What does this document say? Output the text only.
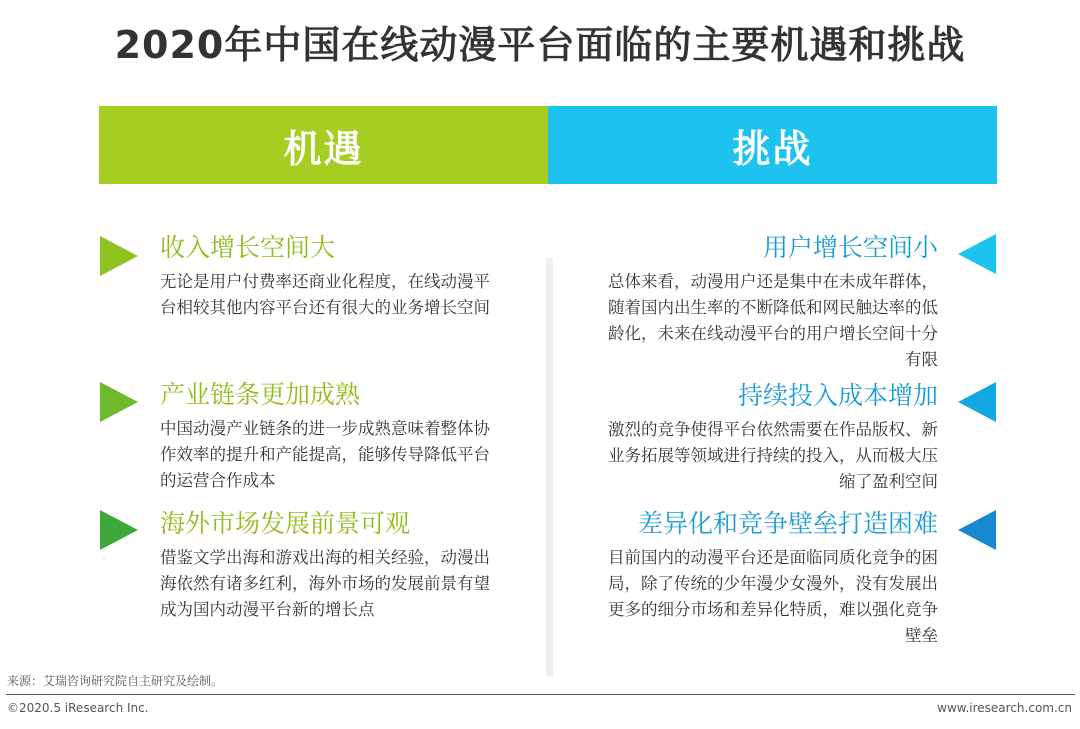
2020年中国在线动漫平台面临的主要机遇和挑战
机遇	挑战
收入增长空间大

无论是用户付费率还商业化程度，在线动漫平台相较其他内容平台还有很大的业务增长空间

产业链条更加成熟

中国动漫产业链条的进一步成熟意味着整体协作效率的提升和产能提高，能够传导降低平台的运营合作成本

海外市场发展前景可观

借鉴文学出海和游戏出海的相关经验，动漫出海依然有诸多红利，海外市场的发展前景有望成为国内动漫平台新的增长点

用户增长空间小

总体来看，动漫用户还是集中在未成年群体，随着国内出生率的不断降低和网民触达率的低龄化，未来在线动漫平台的用户增长空间十分有限

持续投入成本增加

激烈的竞争使得平台依然需要在作品版权、新业务拓展等领域进行持续的投入，从而极大压缩了盈利空间

差异化和竞争壁垒打造困难

目前国内的动漫平台还是面临同质化竞争的困局，除了传统的少年漫少女漫外，没有发展出更多的细分市场和差异化特质，难以强化竞争壁垒

来源：艾瑞咨询研究院自主研究及绘制。
©2020.5 iResearch Inc.	www.iresearch.com.cn
